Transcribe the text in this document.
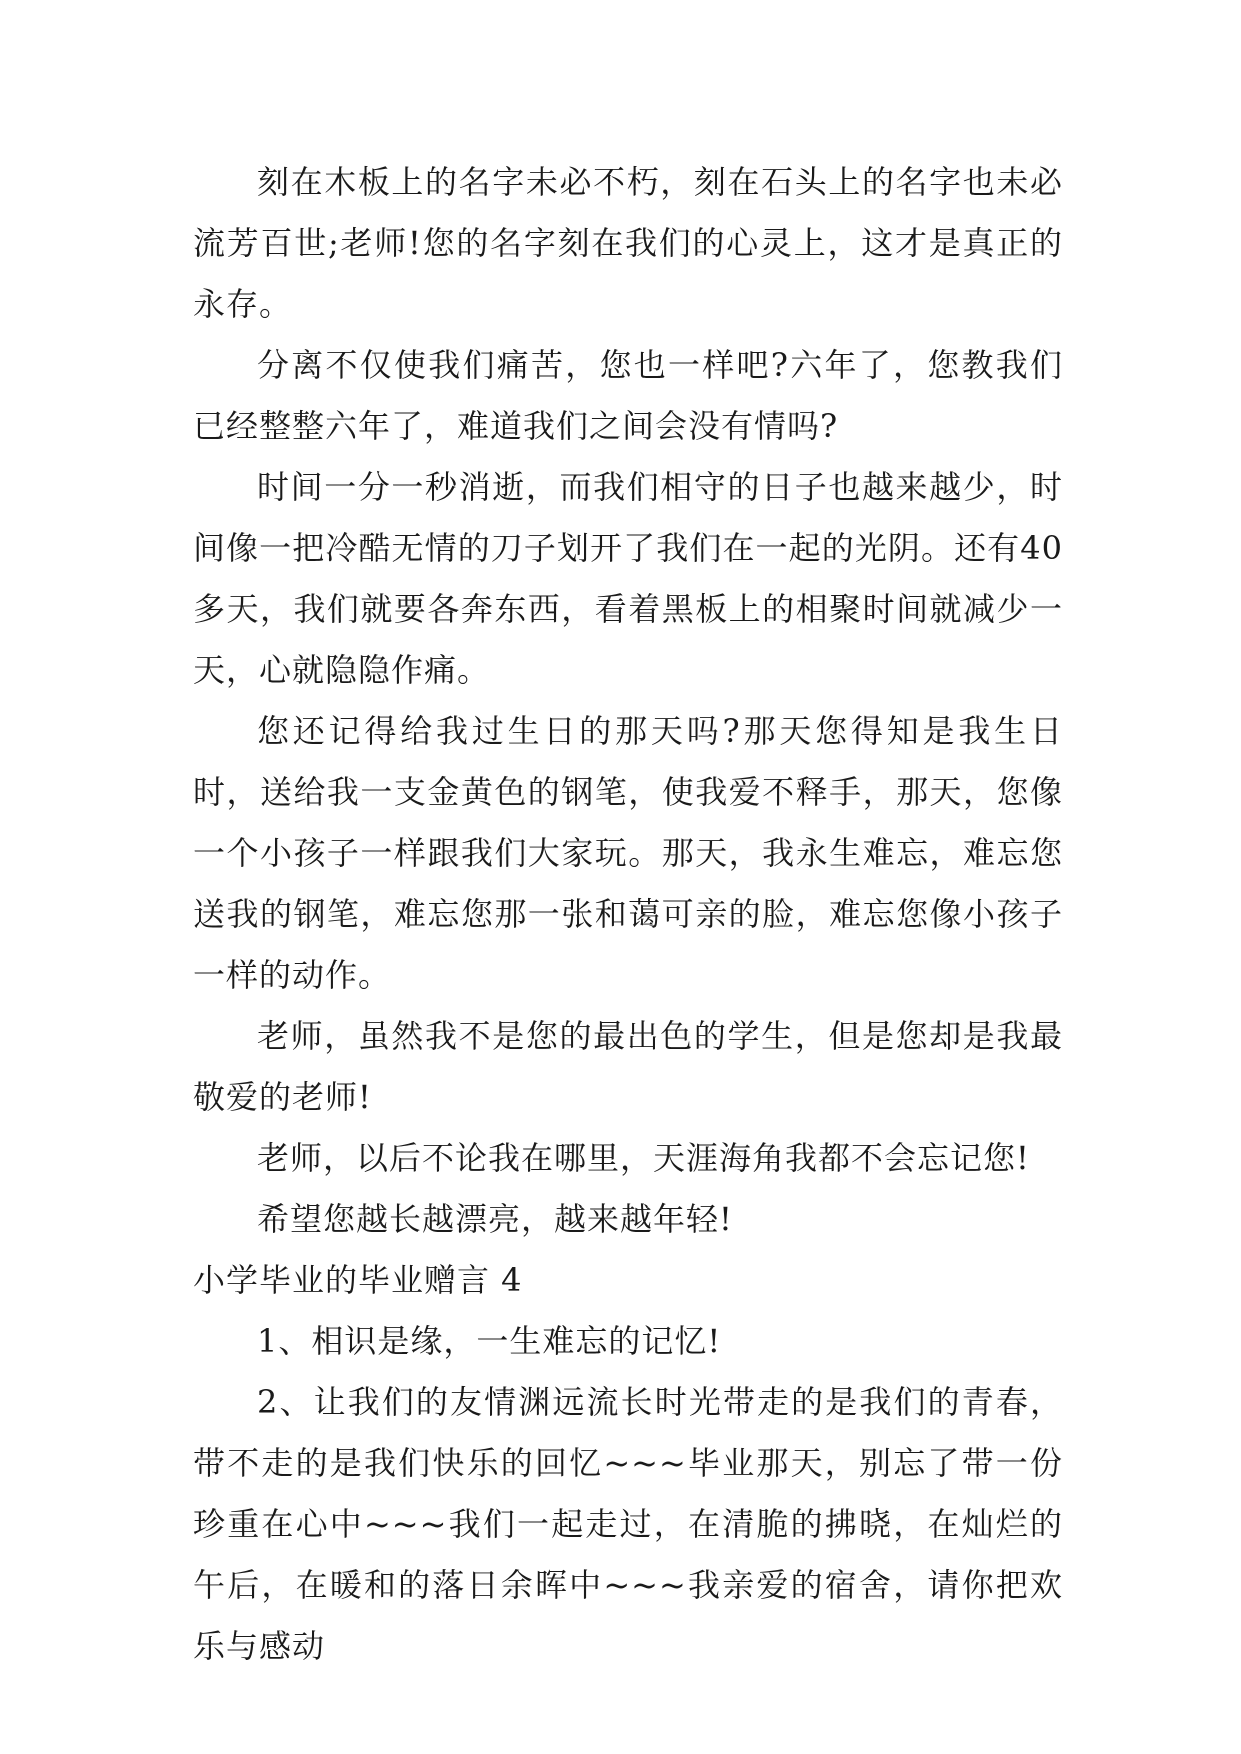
刻在木板上的名字未必不朽，刻在石头上的名字也未必流芳百世;老师!您的名字刻在我们的心灵上，这才是真正的永存。

分离不仅使我们痛苦，您也一样吧?六年了，您教我们已经整整六年了，难道我们之间会没有情吗?

时间一分一秒消逝，而我们相守的日子也越来越少，时间像一把冷酷无情的刀子划开了我们在一起的光阴。还有40多天，我们就要各奔东西，看着黑板上的相聚时间就减少一天，心就隐隐作痛。

您还记得给我过生日的那天吗?那天您得知是我生日时，送给我一支金黄色的钢笔，使我爱不释手，那天，您像一个小孩子一样跟我们大家玩。那天，我永生难忘，难忘您送我的钢笔，难忘您那一张和蔼可亲的脸，难忘您像小孩子一样的动作。

老师，虽然我不是您的最出色的学生，但是您却是我最敬爱的老师!

老师，以后不论我在哪里，天涯海角我都不会忘记您!

希望您越长越漂亮，越来越年轻!

小学毕业的毕业赠言 4

1、相识是缘，一生难忘的记忆!

2、让我们的友情渊远流长时光带走的是我们的青春，带不走的是我们快乐的回忆~~~毕业那天，别忘了带一份珍重在心中~~~我们一起走过，在清脆的拂晓，在灿烂的午后，在暖和的落日余晖中~~~我亲爱的宿舍，请你把欢乐与感动
